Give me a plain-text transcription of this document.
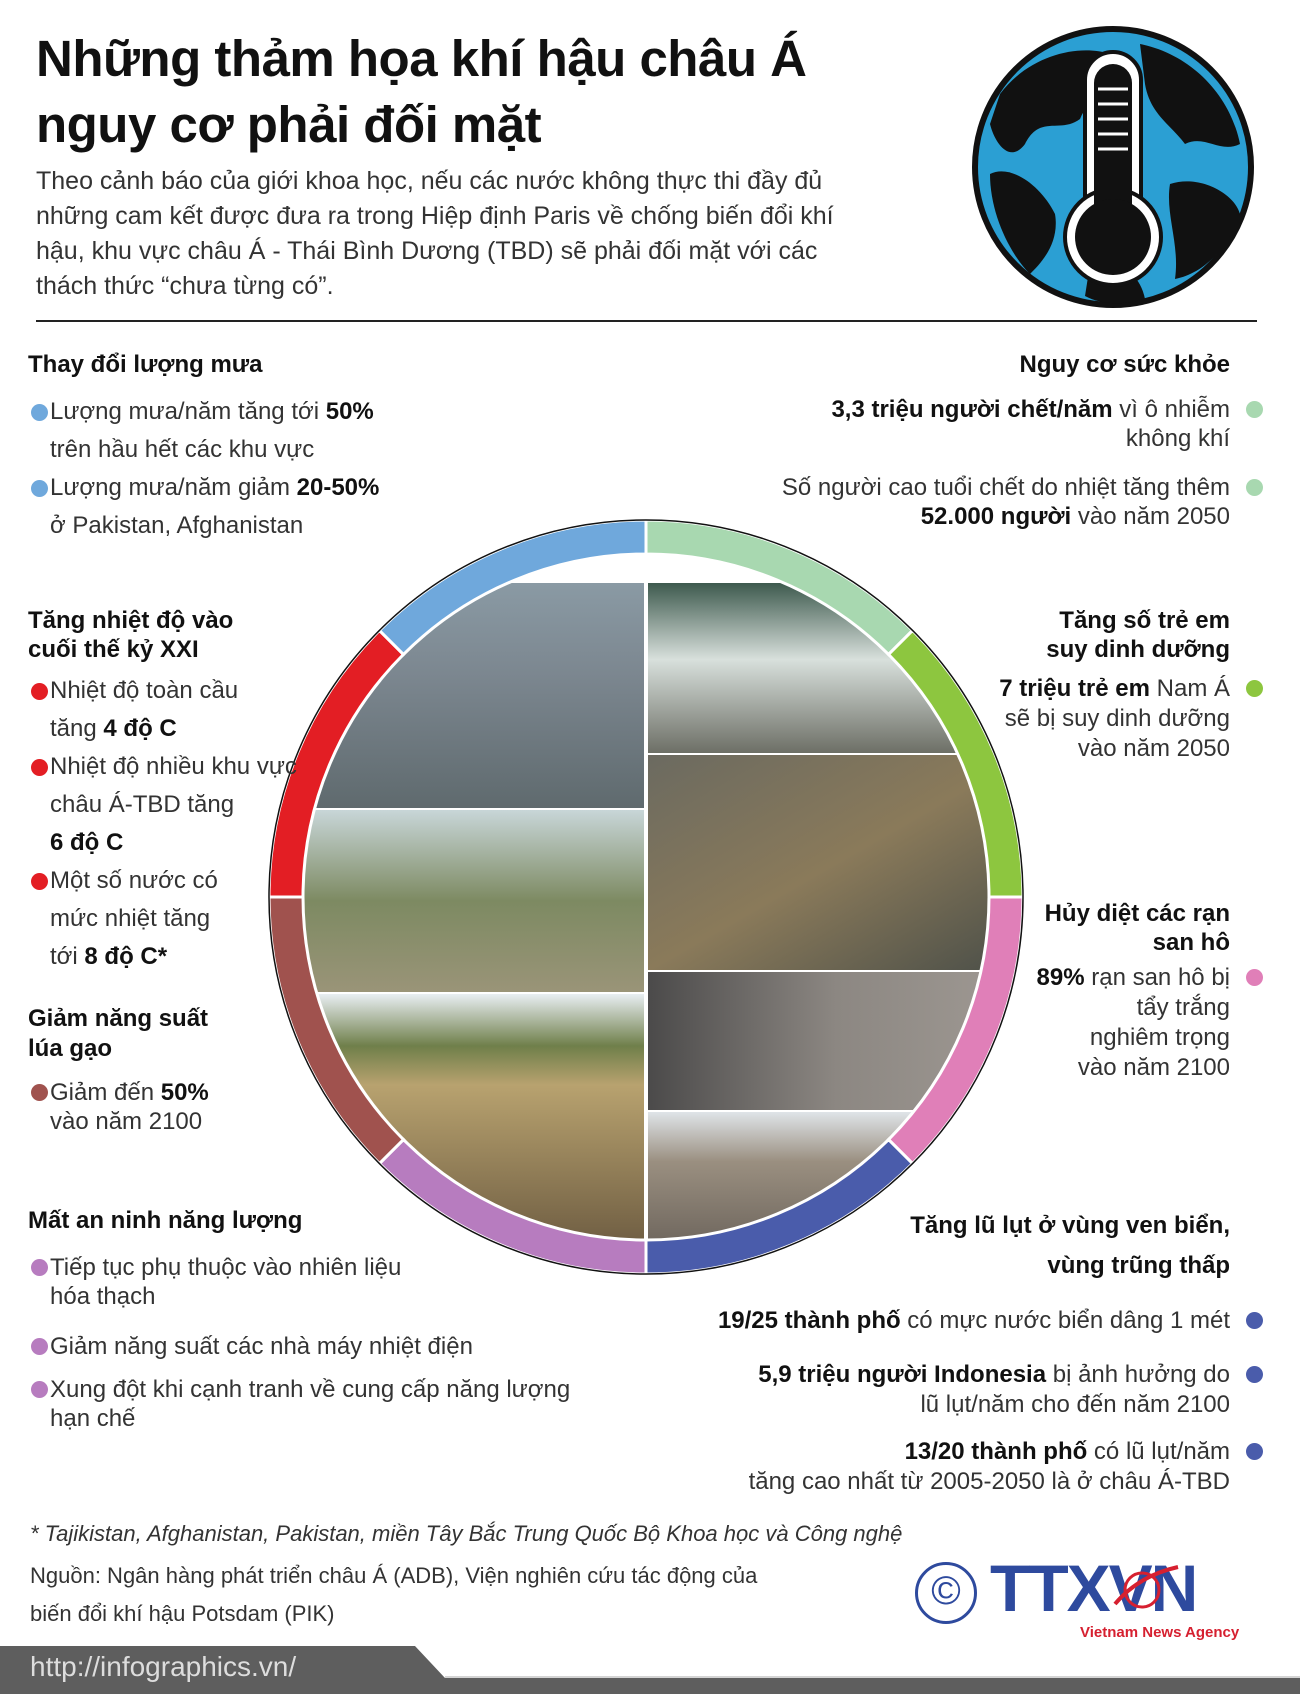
Những thảm họa khí hậu châu Á
nguy cơ phải đối mặt
Theo cảnh báo của giới khoa học, nếu các nước không thực thi đầy đủ những cam kết được đưa ra trong Hiệp định Paris về chống biến đổi khí hậu, khu vực châu Á - Thái Bình Dương (TBD) sẽ phải đối mặt với các thách thức “chưa từng có”.
Thay đổi lượng mưa
Lượng mưa/năm tăng tới 50%
trên hầu hết các khu vực
Lượng mưa/năm giảm 20-50%
ở Pakistan, Afghanistan
Tăng nhiệt độ vào
cuối thế kỷ XXI
Nhiệt độ toàn cầu
tăng 4 độ C
Nhiệt độ nhiều khu vực
châu Á-TBD tăng
6 độ C
Một số nước có
mức nhiệt tăng
tới 8 độ C*
Giảm năng suất
lúa gạo
Giảm đến 50%
vào năm 2100
Mất an ninh năng lượng
Tiếp tục phụ thuộc vào nhiên liệu
hóa thạch
Giảm năng suất các nhà máy nhiệt điện
Xung đột khi cạnh tranh về cung cấp năng lượng
hạn chế
Nguy cơ sức khỏe
3,3 triệu người chết/năm vì ô nhiễm
không khí
Số người cao tuổi chết do nhiệt tăng thêm
52.000 người vào năm 2050
Tăng số trẻ em
suy dinh dưỡng
7 triệu trẻ em Nam Á
sẽ bị suy dinh dưỡng
vào năm 2050
Hủy diệt các rạn
san hô
89% rạn san hô bị
tẩy trắng
nghiêm trọng
vào năm 2100
Tăng lũ lụt ở vùng ven biển,
vùng trũng thấp
19/25 thành phố có mực nước biển dâng 1 mét
5,9 triệu người Indonesia bị ảnh hưởng do
lũ lụt/năm cho đến năm 2100
13/20 thành phố có lũ lụt/năm
tăng cao nhất từ 2005-2050 là ở châu Á-TBD
* Tajikistan, Afghanistan, Pakistan, miền Tây Bắc Trung Quốc Bộ Khoa học và Công nghệ
Nguồn: Ngân hàng phát triển châu Á (ADB), Viện nghiên cứu tác động của
biến đổi khí hậu Potsdam (PIK)
© TTXVN
Vietnam News Agency
http://infographics.vn/
